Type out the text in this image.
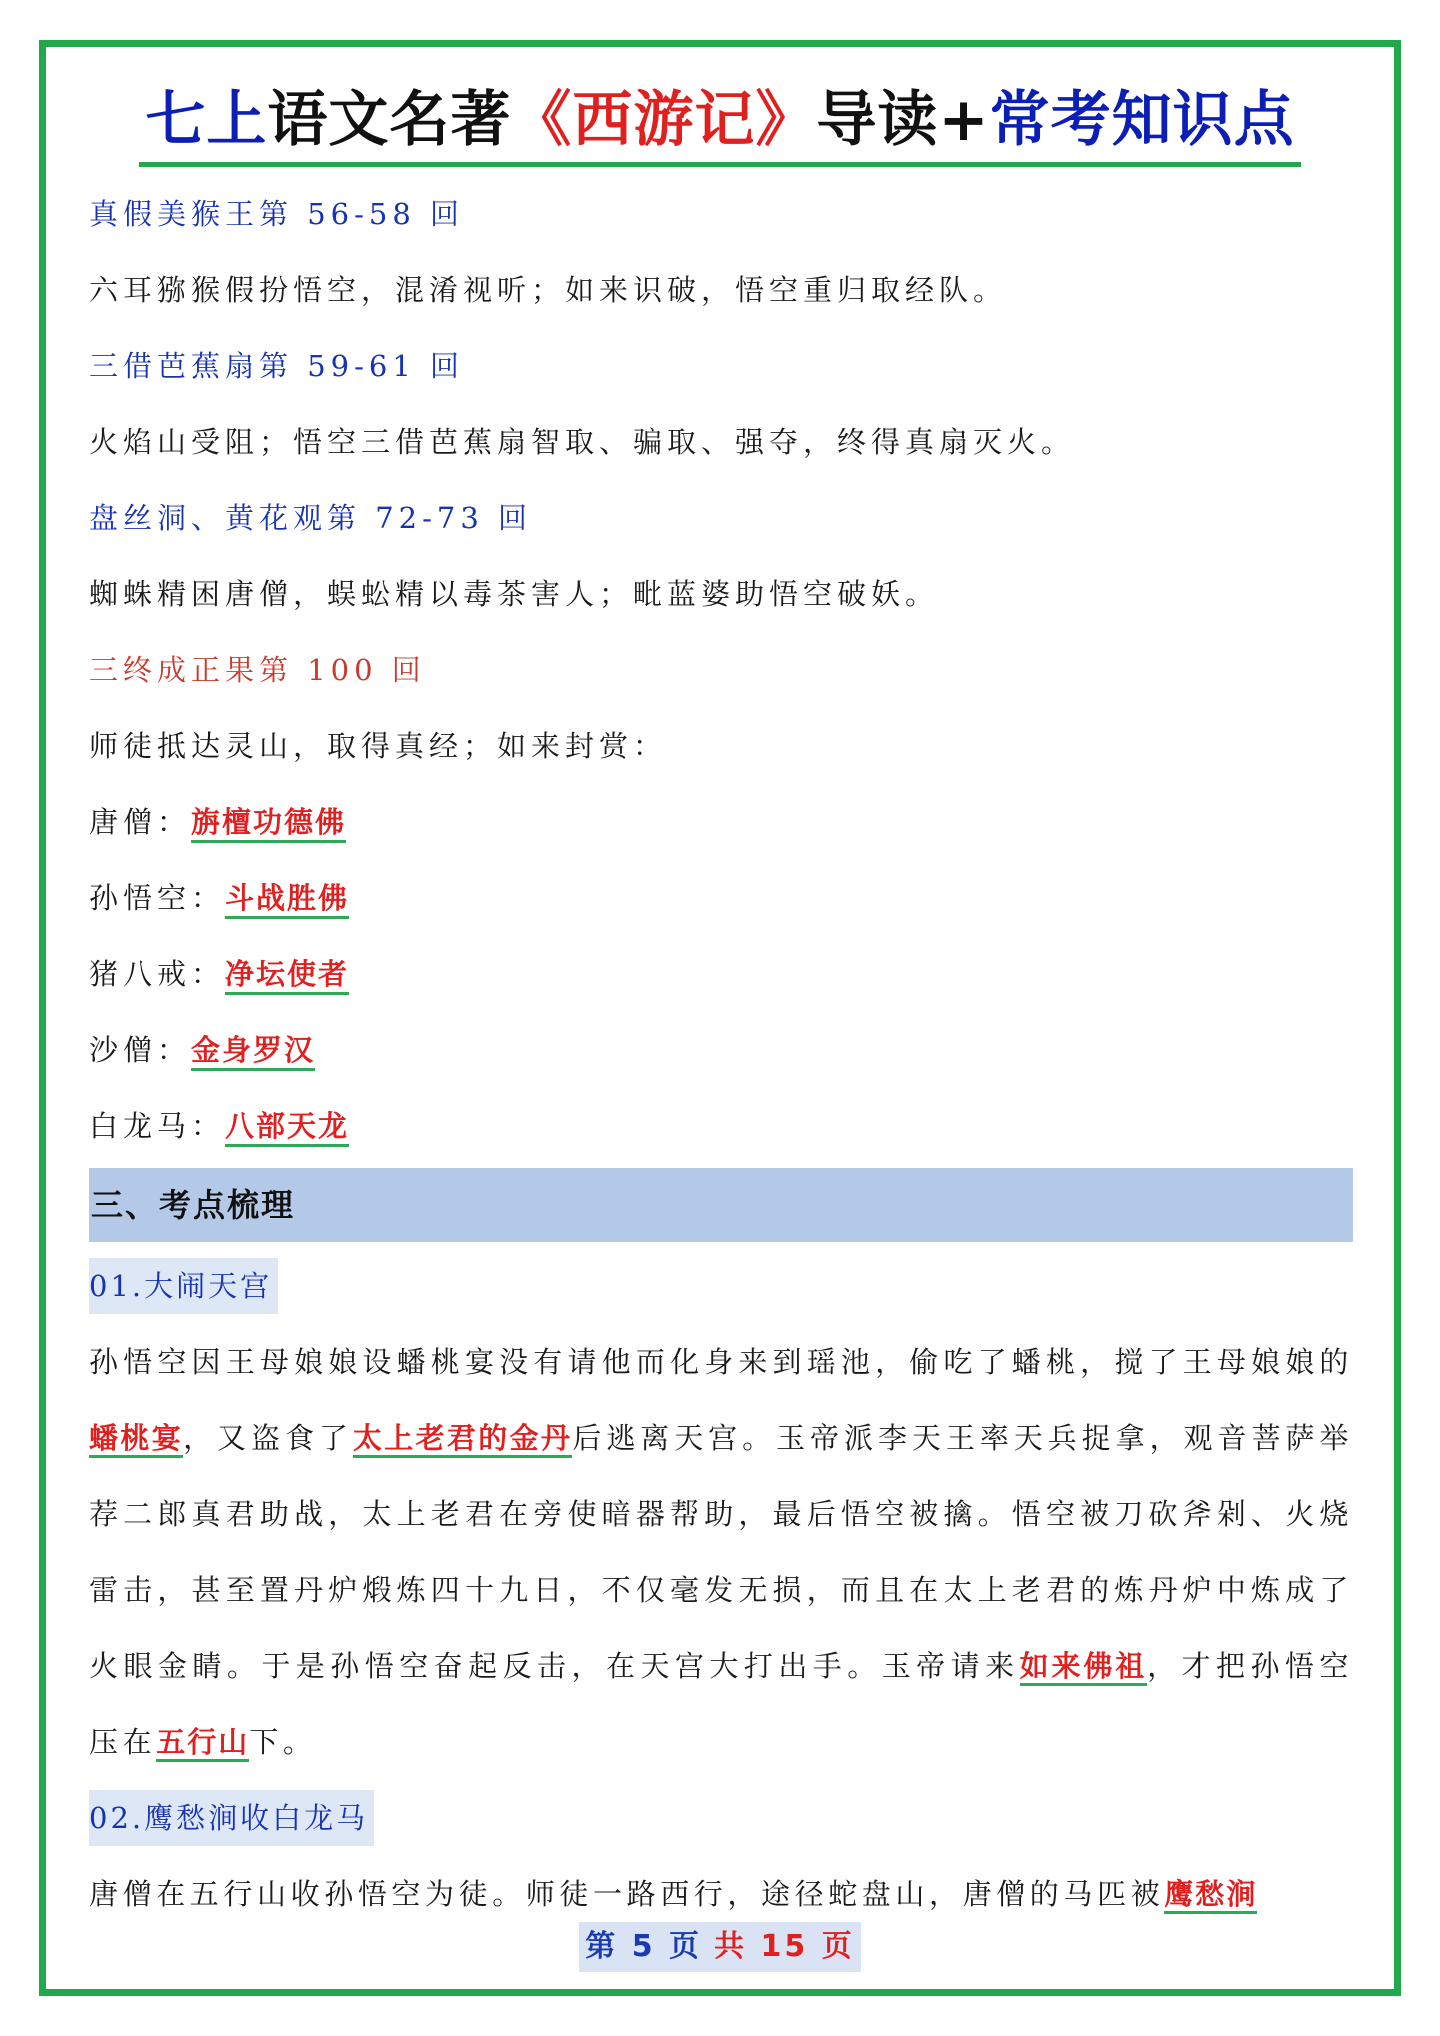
七上语文名著《西游记》导读+常考知识点
真假美猴王第 56-58 回
六耳猕猴假扮悟空，混淆视听；如来识破，悟空重归取经队。
三借芭蕉扇第 59-61 回
火焰山受阻；悟空三借芭蕉扇智取、骗取、强夺，终得真扇灭火。
盘丝洞、黄花观第 72-73 回
蜘蛛精困唐僧，蜈蚣精以毒茶害人；毗蓝婆助悟空破妖。
三终成正果第 100 回
师徒抵达灵山，取得真经；如来封赏：
唐僧：旃檀功德佛
孙悟空：斗战胜佛
猪八戒：净坛使者
沙僧：金身罗汉
白龙马：八部天龙
三、考点梳理
01.大闹天宫
孙悟空因王母娘娘设蟠桃宴没有请他而化身来到瑶池，偷吃了蟠桃，搅了王母娘娘的蟠桃宴，又盗食了太上老君的金丹后逃离天宫。玉帝派李天王率天兵捉拿，观音菩萨举荐二郎真君助战，太上老君在旁使暗器帮助，最后悟空被擒。悟空被刀砍斧剁、火烧雷击，甚至置丹炉煅炼四十九日，不仅毫发无损，而且在太上老君的炼丹炉中炼成了火眼金睛。于是孙悟空奋起反击，在天宫大打出手。玉帝请来如来佛祖，才把孙悟空压在五行山下。
02.鹰愁涧收白龙马
唐僧在五行山收孙悟空为徒。师徒一路西行，途径蛇盘山，唐僧的马匹被鹰愁涧
第 5 页 共 15 页
